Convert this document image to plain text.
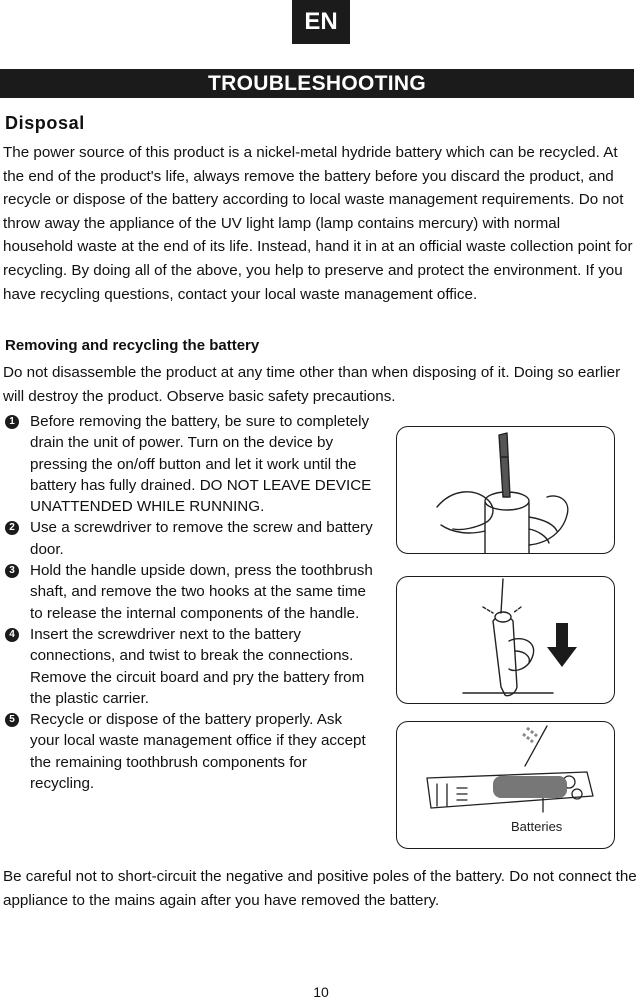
EN
TROUBLESHOOTING
Disposal

The power source of this product is a nickel-metal hydride battery which can be recycled. At the end of the product's life, always remove the battery before you discard the product, and recycle or dispose of the battery according to local waste management requirements. Do not throw away the appliance of the UV light lamp (lamp contains mercury) with normal household waste at the end of its life. Instead, hand it in at an official waste collection point for recycling. By doing all of the above, you help to preserve and protect the environment. If you have recycling questions, contact your local waste management office.

Removing and recycling the battery

Do not disassemble the product at any time other than when disposing of it. Doing so earlier will destroy the product. Observe basic safety precautions.

1 Before removing the battery, be sure to completely drain the unit of power. Turn on the device by pressing the on/off button and let it work until the battery has fully drained. DO NOT LEAVE DEVICE UNATTENDED WHILE RUNNING.
2 Use a screwdriver to remove the screw and battery door.
3 Hold the handle upside down, press the toothbrush shaft, and remove the two hooks at the same time to release the internal components of the handle.
4 Insert the screwdriver next to the battery connections, and twist to break the connections. Remove the circuit board and pry the battery from the plastic carrier.
5 Recycle or dispose of the battery properly. Ask your local waste management office if they accept the remaining toothbrush components for recycling.
Batteries

Be careful not to short-circuit the negative and positive poles of the battery. Do not connect the appliance to the mains again after you have removed the battery.

10
